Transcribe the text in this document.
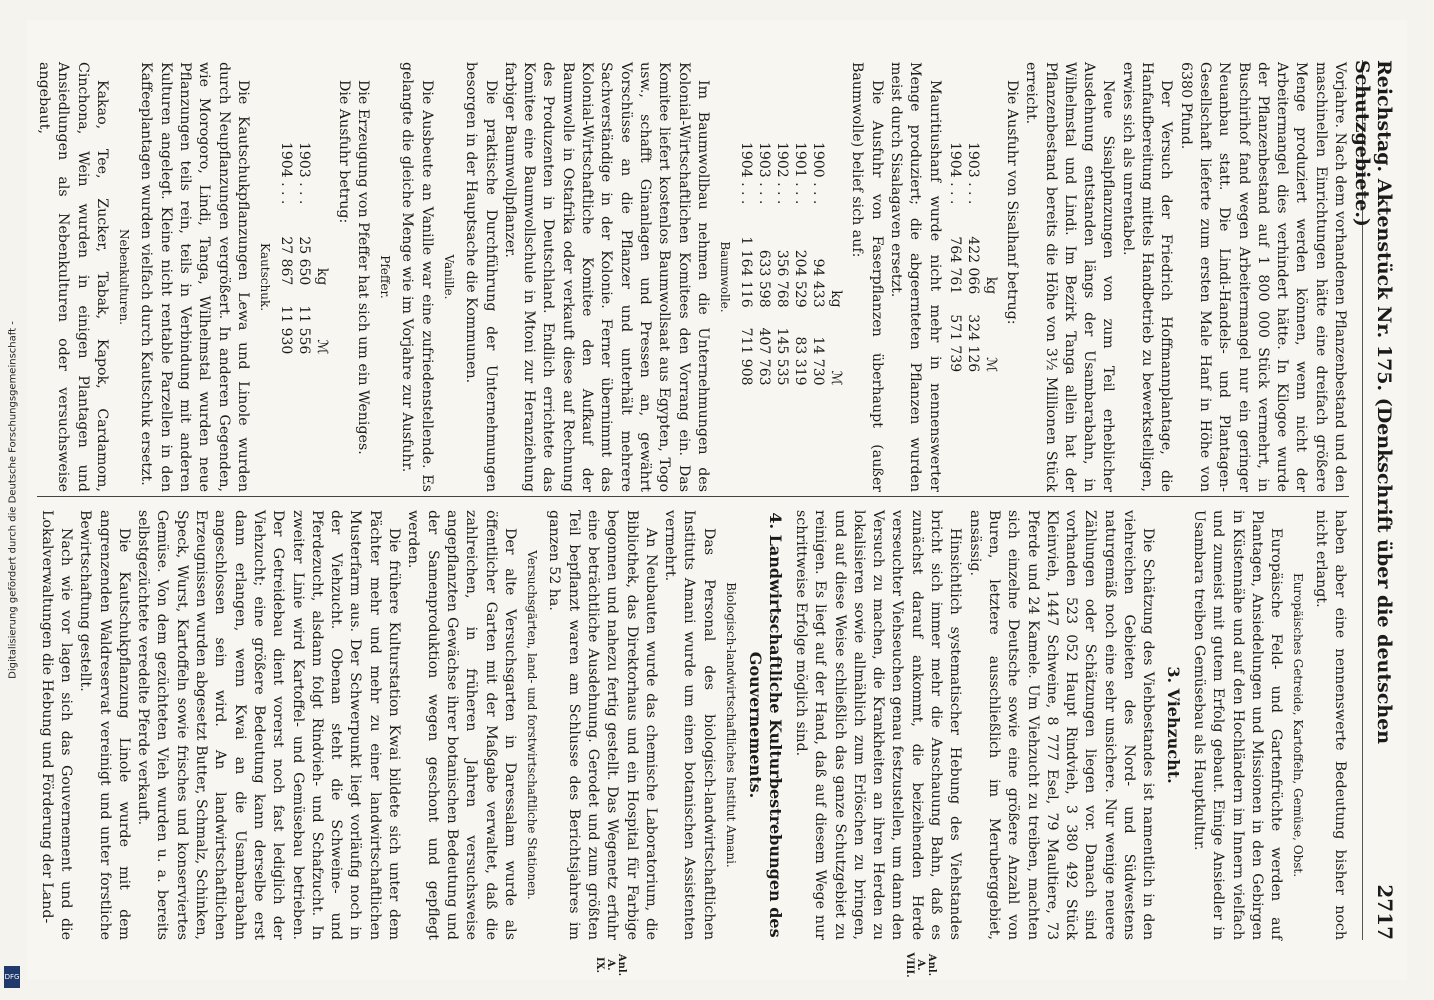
Reichstag. Aktenstück Nr. 175. (Denkschrift über die deutschen Schutzgebiete.)
2717

Vorjahre. Nach dem vorhandenen Pflanzenbestand und den maschinellen Einrichtungen hätte eine dreifach größere Menge produziert werden können, wenn nicht der Arbeitermangel dies verhindert hätte. In Kilogoe wurde der Pflanzenbestand auf 1 800 000 Stück vermehrt, in Buschirihof fand wegen Arbeitermangel nur ein geringer Neuanbau statt. Die Lindi-Handels- und Plantagen-Gesellschaft lieferte zum ersten Male Hanf in Höhe von 6380 Pfund.

Der Versuch der Friedrich Hoffmannplantage, die Hanfaufbereitung mittels Handbetrieb zu bewerkstelligen, erwies sich als unrentabel.

Neue Sisalpflanzungen von zum Teil erheblicher Ausdehnung entstanden längs der Usambarabahn, in Wilhelmstal und Lindi. Im Bezirk Tanga allein hat der Pflanzenbestand bereits die Höhe von 3½ Millionen Stück erreicht.

Die Ausfuhr von Sisalhanf betrug:

	kg	ℳ
1903 . . .	422 066	324 126
1904 . . .	764 761	571 739

Mauritiushanf wurde nicht mehr in nennenswerter Menge produziert; die abgeernteten Pflanzen wurden meist durch Sisalagaven ersetzt.

Die Ausfuhr von Faserpflanzen überhaupt (außer Baumwolle) belief sich auf:

	kg	ℳ
1900 . . .	94 433	14 730
1901 . . .	204 529	83 319
1902 . . .	356 768	145 535
1903 . . .	633 598	407 763
1904 . . .	1 164 116	711 908

Baumwolle.

Im Baumwollbau nehmen die Unternehmungen des Kolonial-Wirtschaftlichen Komitees den Vorrang ein. Das Komitee liefert kostenlos Baumwollsaat aus Egypten, Togo usw., schafft Ginanlagen und Pressen an, gewährt Vorschüsse an die Pflanzer und unterhält mehrere Sachverständige in der Kolonie. Ferner übernimmt das Kolonial-Wirtschaftliche Komitee den Aufkauf der Baumwolle in Ostafrika oder verkauft diese auf Rechnung des Produzenten in Deutschland. Endlich errichtete das Komitee eine Baumwollschule in Mtoni zur Heranziehung farbiger Baumwollpflanzer.

Die praktische Durchführung der Unternehmungen besorgen in der Hauptsache die Kommunen.

Vanille.

Die Ausbeute an Vanille war eine zufriedenstellende. Es gelangte die gleiche Menge wie im Vorjahre zur Ausfuhr.

Pfeffer.

Die Erzeugung von Pfeffer hat sich um ein Weniges.

Die Ausfuhr betrug:

	kg	ℳ
1903 . . .	25 650	11 556
1904 . . .	27 867	11 930

Kautschuk.

Die Kautschukpflanzungen Lewa und Linole wurden durch Neupflanzungen vergrößert. In anderen Gegenden, wie Morogoro, Lindi, Tanga, Wilhelmstal wurden neue Pflanzungen teils rein, teils in Verbindung mit anderen Kulturen angelegt. Kleine nicht rentable Parzellen in den Kaffeeplantagen wurden vielfach durch Kautschuk ersetzt.

Nebenkulturen.

Kakao, Tee, Zucker, Tabak, Kapok, Cardamom, Cinchona, Wein wurden in einigen Plantagen und Ansiedlungen als Nebenkulturen oder versuchsweise angebaut,

haben aber eine nennenswerte Bedeutung bisher noch nicht erlangt.

Europäisches Getreide, Kartoffeln, Gemüse, Obst.

Europäische Feld- und Gartenfrüchte werden auf Plantagen, Ansiedelungen und Missionen in den Gebirgen in Küstennähe und auf den Hochländern im Innern vielfach und zumeist mit gutem Erfolg gebaut. Einige Ansiedler in Usambara treiben Gemüsebau als Hauptkultur.

3. Viehzucht.

Die Schätzung des Viehbestandes ist namentlich in den viehreichen Gebieten des Nord- und Südwestens naturgemäß noch eine sehr unsichere. Nur wenige neuere Zählungen oder Schätzungen liegen vor. Danach sind vorhanden 523 052 Haupt Rindvieh, 3 380 492 Stück Kleinvieh, 1447 Schweine, 8 777 Esel, 79 Maultiere, 73 Pferde und 24 Kamele. Um Viehzucht zu treiben, machten sich einzelne Deutsche sowie eine größere Anzahl von Buren, letztere ausschließlich im Meruberggebiet, ansässig.

Hinsichtlich systematischer Hebung des Viehstandes bricht sich immer mehr die Anschauung Bahn, daß es zunächst darauf ankommt, die beizeihenden Herde verseuchter Viehseuchen genau festzustellen, um dann den Versuch zu machen, die Krankheiten an ihren Herden zu lokalisieren sowie allmählich zum Erlöschen zu bringen, und auf diese Weise schließlich das ganze Schutzgebiet zu reinigen. Es liegt auf der Hand, daß auf diesem Wege nur schrittweise Erfolge möglich sind.

4. Landwirtschaftliche Kulturbestrebungen des Gouvernements.

Biologisch-landwirtschaftliches Institut Amani.

Das Personal des biologisch-landwirtschaftlichen Instituts Amani wurde um einen botanischen Assistenten vermehrt.

An Neubauten wurde das chemische Laboratorium, die Bibliothek, das Direktorhaus und ein Hospital für Farbige begonnen und nahezu fertig gestellt. Das Wegenetz erfuhr eine beträchtliche Ausdehnung. Gerodet und zum größten Teil bepflanzt waren am Schlusse des Berichtsjahres im ganzen 52 ha.

Versuchsgärten, land- und forstwirtschaftliche Stationen.

Der alte Versuchsgarten in Daressalam wurde als öffentlicher Garten mit der Maßgabe verwaltet, daß die zahlreichen, in früheren Jahren versuchsweise angepflanzten Gewächse ihrer botanischen Bedeutung und der Samenproduktion wegen geschont und gepflegt werden.

Die frühere Kulturstation Kwai bildete sich unter dem Pächter mehr und mehr zu einer landwirtschaftlichen Musterfarm aus. Der Schwerpunkt liegt vorläufig noch in der Viehzucht. Obenan steht die Schweine- und Pferdezucht, alsdann folgt Rindvieh- und Schafzucht. In zweiter Linie wird Kartoffel- und Gemüsebau betrieben. Der Getreidebau dient vorerst noch fast lediglich der Viehzucht; eine größere Bedeutung kann derselbe erst dann erlangen, wenn Kwai an die Usambarabahn angeschlossen sein wird. An landwirtschaftlichen Erzeugnissen wurden abgesetzt Butter, Schmalz, Schinken, Speck, Wurst, Kartoffeln sowie frisches und konserviertes Gemüse. Von dem gezüchteten Vieh wurden u. a. bereits selbstgezüchtete veredelte Pferde verkauft.

Die Kautschukpflanzung Linole wurde mit dem angrenzenden Waldreservat vereinigt und unter forstliche Bewirtschaftung gestellt.

Nach wie vor lagen sich das Gouvernement und die Lokalverwaltungen die Hebung und Förderung der Land-

Anl. A. VIII.
Anl. A. IX.
Digitalisierung gefördert durch die Deutsche Forschungsgemeinschaft -
DFG
